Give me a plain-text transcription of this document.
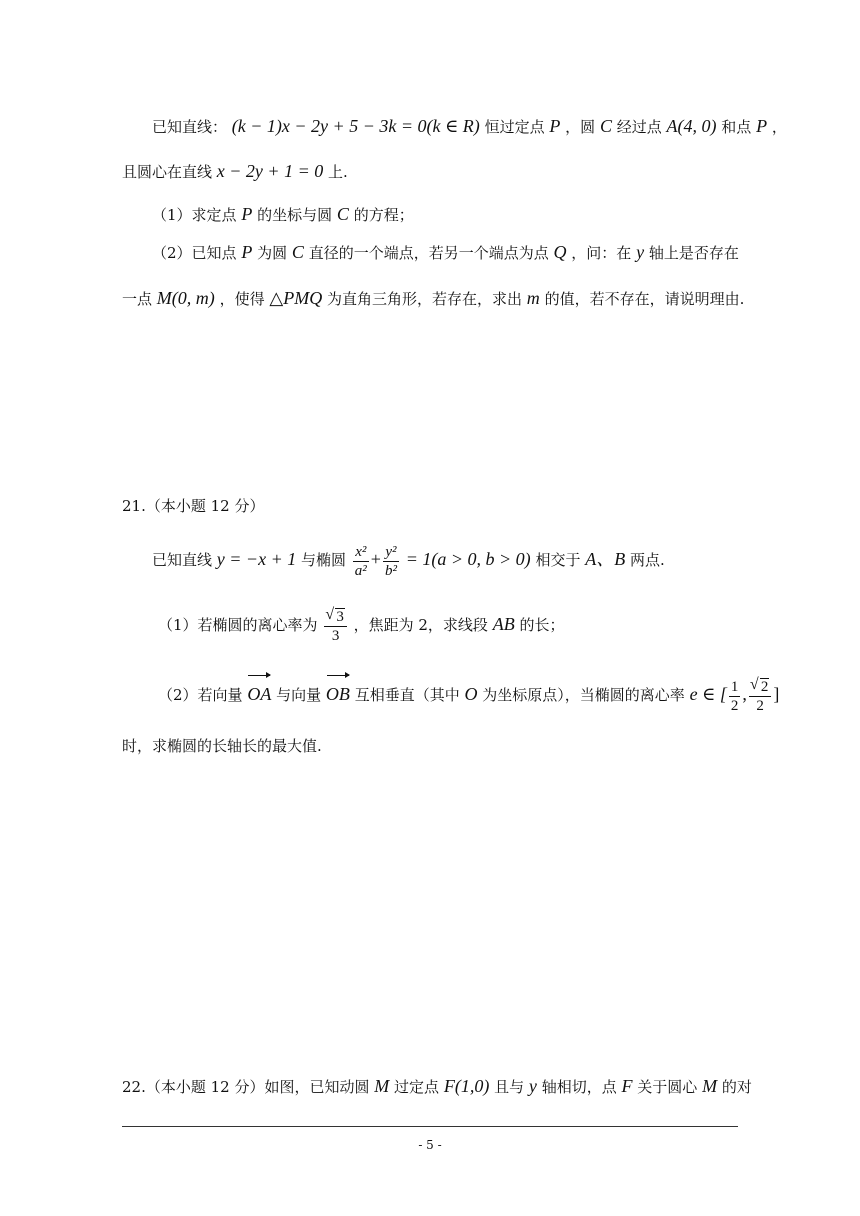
已知直线： (k − 1)x − 2y + 5 − 3k = 0(k ∈ R) 恒过定点 P ，圆 C 经过点 A(4, 0) 和点 P ，
且圆心在直线 x − 2y + 1 = 0 上.
（1）求定点 P 的坐标与圆 C 的方程；
（2）已知点 P 为圆 C 直径的一个端点，若另一个端点为点 Q ，问：在 y 轴上是否存在
一点 M(0, m) ，使得 △PMQ 为直角三角形，若存在，求出 m 的值，若不存在，请说明理由.
21.（本小题 12 分）
已知直线 y = −x + 1 与椭圆 $\frac{\text{x²}}{\text{a²}} + \frac{\text{y²}}{\text{b²}} = 1(a > 0$, b > 0) 相交于 A、B 两点.
（1）若椭圆的离心率为 √ $\frac{3}{3}$ ，焦距为 2，求线段 AB 的长；
（2）若向量 OA 与向量 OB 互相垂直（其中 O 为坐标原点），当椭圆的离心率 e ∈ [ $\frac{1}{2}$ , √ $\frac{2}{2}$ ]
时，求椭圆的长轴长的最大值.
22.（本小题 12 分）如图，已知动圆 M 过定点 F(1,0) 且与 y 轴相切，点 F 关于圆心 M 的对
- 5 -
